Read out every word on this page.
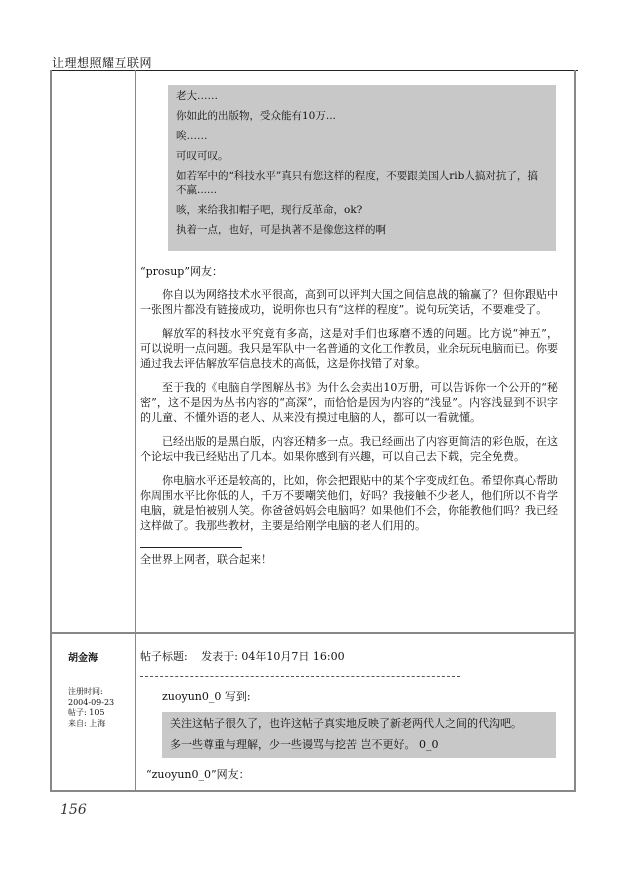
让理想照耀互联网

老大……

你如此的出版物，受众能有10万...

唉……

可叹可叹。

如若军中的“科技水平”真只有您这样的程度，不要跟美国人rib人搞对抗了，搞不赢......

咳，来给我扣帽子吧，现行反革命，ok?

执着一点，也好，可是执著不是像您这样的啊

“prosup”网友：

你自以为网络技术水平很高，高到可以评判大国之间信息战的输赢了？但你跟贴中一张图片都没有链接成功，说明你也只有“这样的程度”。说句玩笑话，不要难受了。

解放军的科技水平究竟有多高，这是对手们也琢磨不透的问题。比方说“神五”，可以说明一点问题。我只是军队中一名普通的文化工作教员，业余玩玩电脑而已。你要通过我去评估解放军信息技术的高低，这是你找错了对象。

至于我的《电脑自学图解丛书》为什么会卖出10万册，可以告诉你一个公开的“秘密”，这不是因为丛书内容的“高深”，而恰恰是因为内容的“浅显”。内容浅显到不识字的儿童、不懂外语的老人、从来没有摸过电脑的人，都可以一看就懂。

已经出版的是黑白版，内容还精多一点。我已经画出了内容更简洁的彩色版，在这个论坛中我已经贴出了几本。如果你感到有兴趣，可以自己去下载，完全免费。

你电脑水平还是较高的，比如，你会把跟贴中的某个字变成红色。希望你真心帮助你周围水平比你低的人，千万不要嘲笑他们，好吗？我接触不少老人，他们所以不肯学电脑，就是怕被别人笑。你爸爸妈妈会电脑吗？如果他们不会，你能教他们吗？我已经这样做了。我那些教材，主要是给刚学电脑的老人们用的。

全世界上网者，联合起来！

胡金海
注册时间:
2004-09-23
帖子: 105
来自: 上海
帖子标题: 发表于: 04年10月7日 16:00
zuoyun0_0 写到:

关注这帖子很久了，也许这帖子真实地反映了新老两代人之间的代沟吧。

多一些尊重与理解，少一些谩骂与挖苦 岂不更好。 0_0

“zuoyun0_0”网友：
156
